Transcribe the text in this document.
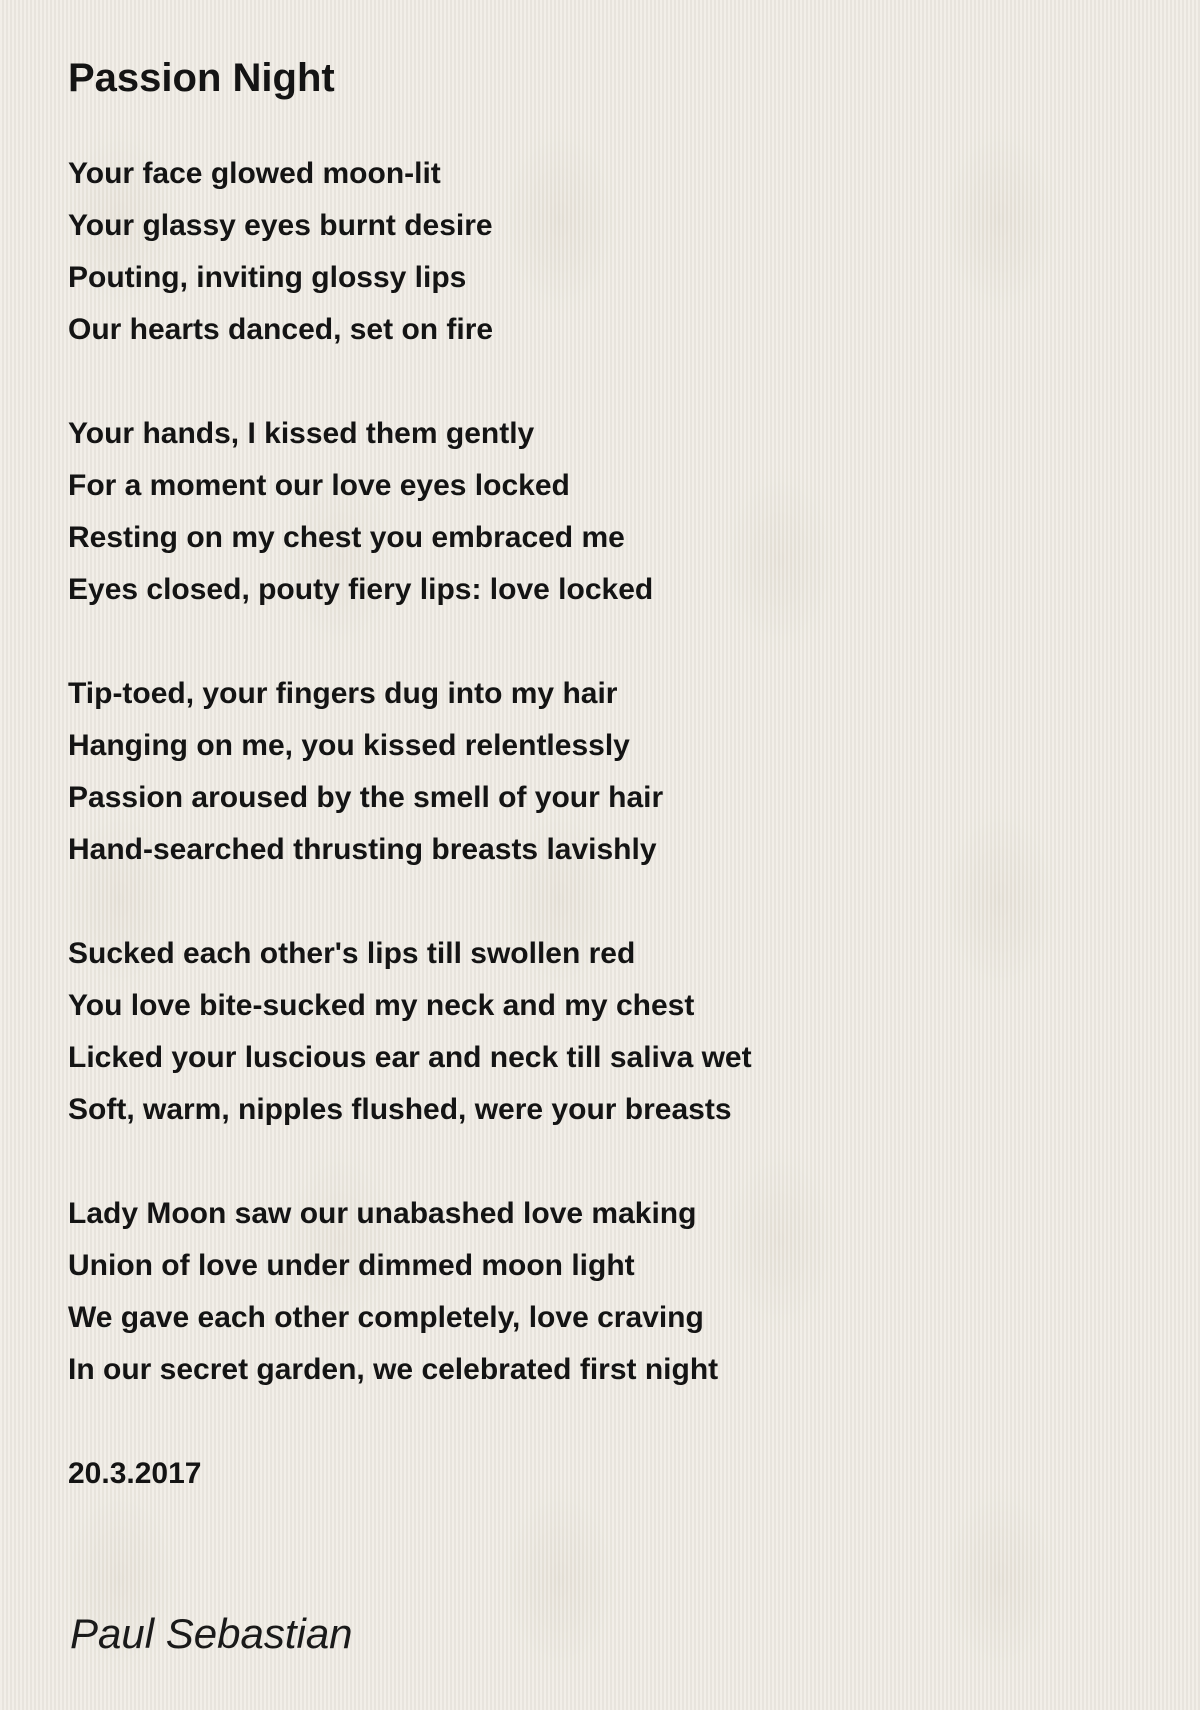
Passion Night
Your face glowed moon-lit
Your glassy eyes burnt desire
Pouting, inviting glossy lips
Our hearts danced, set on fire
Your hands, I kissed them gently
For a moment our love eyes locked
Resting on my chest you embraced me
Eyes closed, pouty fiery lips: love locked
Tip-toed, your fingers dug into my hair
Hanging on me, you kissed relentlessly
Passion aroused by the smell of your hair
Hand-searched thrusting breasts lavishly
Sucked each other's lips till swollen red
You love bite-sucked my neck and my chest
Licked your luscious ear and neck till saliva wet
Soft, warm, nipples flushed, were your breasts
Lady Moon saw our unabashed love making
Union of love under dimmed moon light
We gave each other completely, love craving
In our secret garden, we celebrated first night
20.3.2017
Paul Sebastian
